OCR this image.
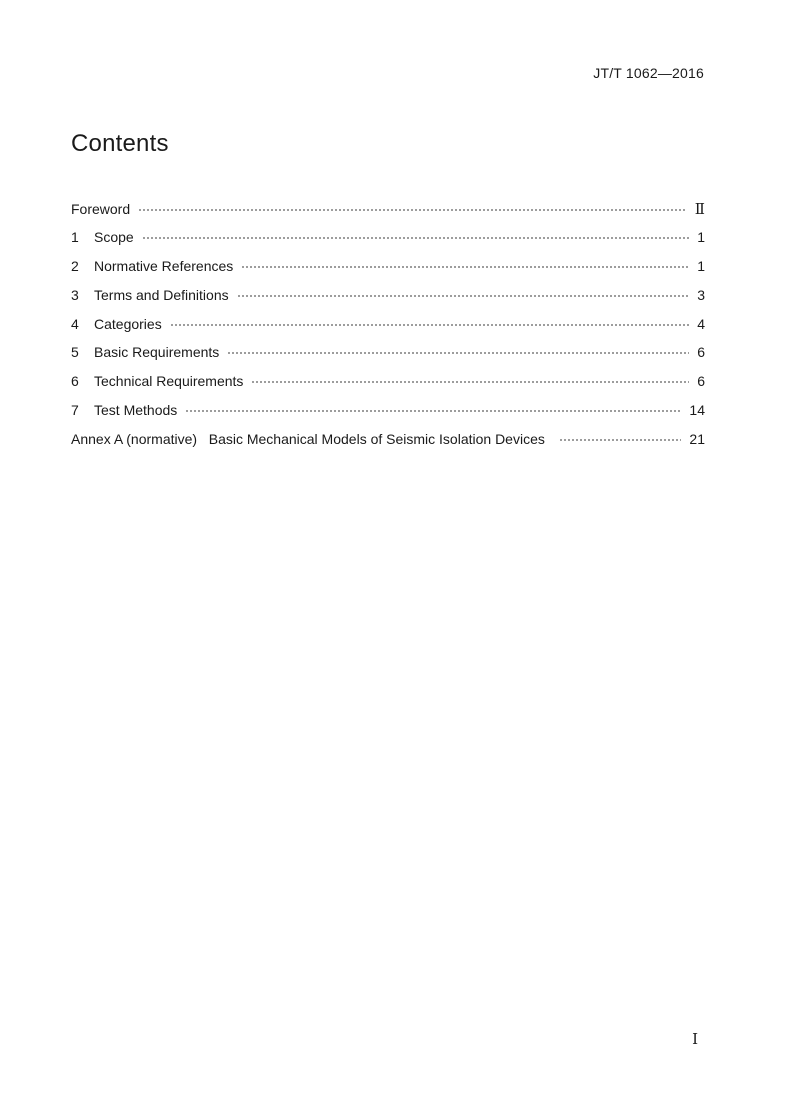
JT/T 1062—2016
Contents
Foreword	Ⅱ
1	Scope	1
2	Normative References	1
3	Terms and Definitions	3
4	Categories	4
5	Basic Requirements	6
6	Technical Requirements	6
7	Test Methods	14
Annex A (normative)   Basic Mechanical Models of Seismic Isolation Devices	21
Ⅰ
